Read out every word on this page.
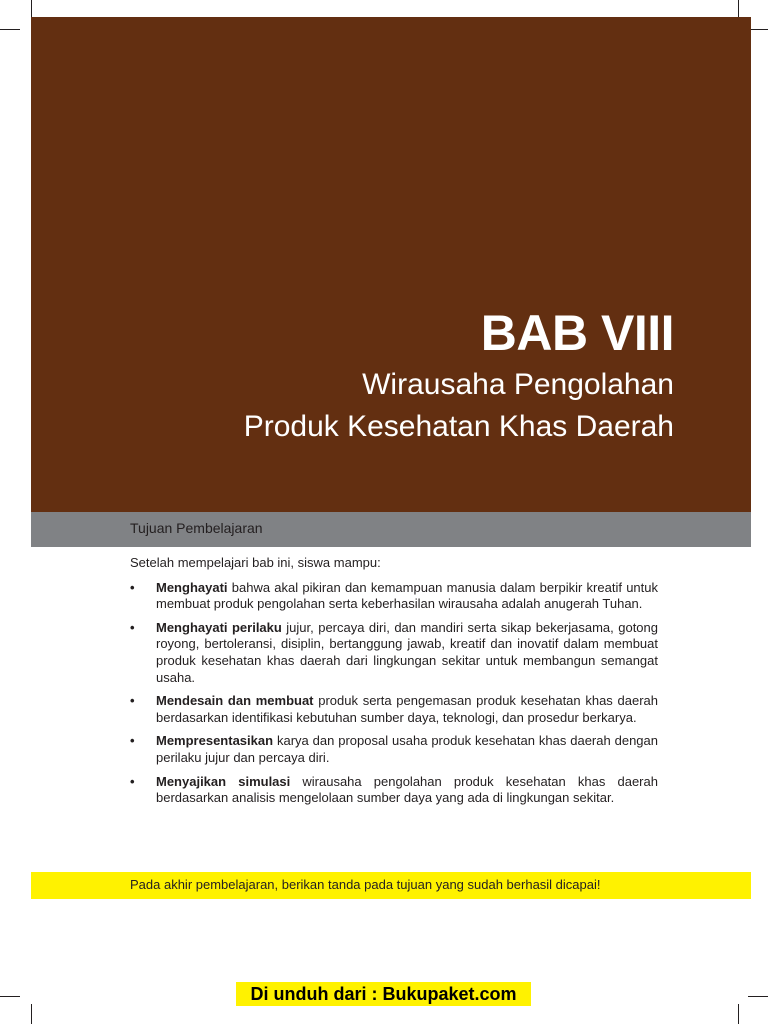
BAB VIII
Wirausaha Pengolahan
Produk Kesehatan Khas Daerah
Tujuan Pembelajaran

Setelah mempelajari bab ini, siswa mampu:

• Menghayati bahwa akal pikiran dan kemampuan manusia dalam berpikir kreatif untuk membuat produk pengolahan serta keberhasilan wirausaha adalah anugerah Tuhan.
• Menghayati perilaku jujur, percaya diri, dan mandiri serta sikap bekerjasama, gotong royong, bertoleransi, disiplin, bertanggung jawab, kreatif dan inovatif dalam membuat produk kesehatan khas daerah dari lingkungan sekitar untuk membangun semangat usaha.
• Mendesain dan membuat produk serta pengemasan produk kesehatan khas daerah berdasarkan identifikasi kebutuhan sumber daya, teknologi, dan prosedur berkarya.
• Mempresentasikan karya dan proposal usaha produk kesehatan khas daerah dengan perilaku jujur dan percaya diri.
• Menyajikan simulasi wirausaha pengolahan produk kesehatan khas daerah berdasarkan analisis mengelolaan sumber daya yang ada di lingkungan sekitar.
Pada akhir pembelajaran, berikan tanda pada tujuan yang sudah berhasil dicapai!
Di unduh dari : Bukupaket.com
